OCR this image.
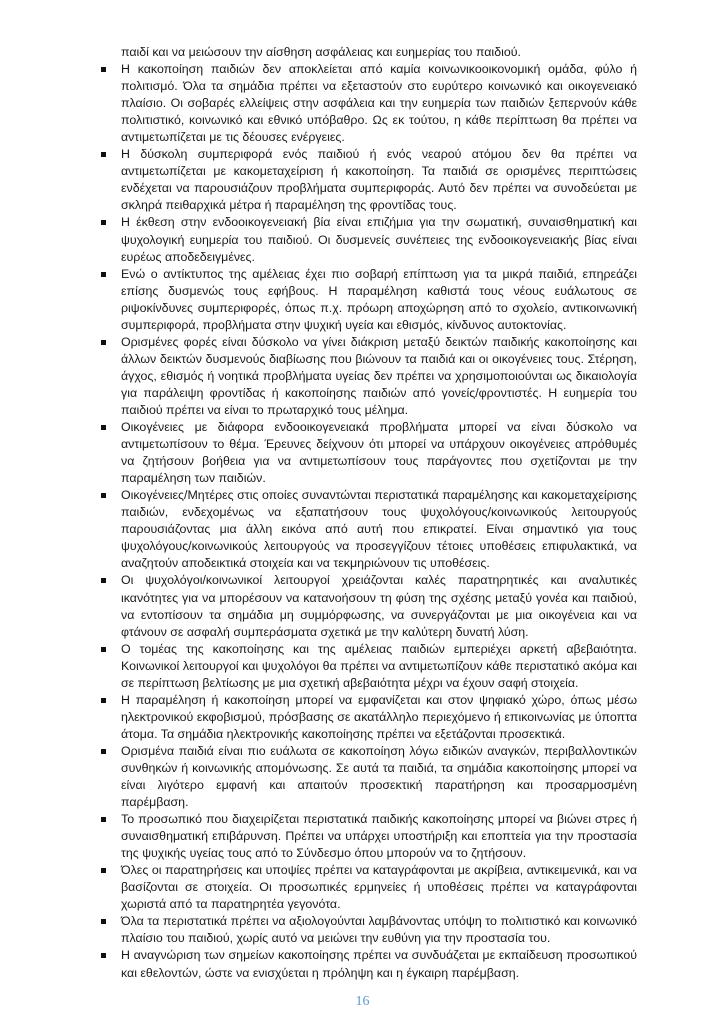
παιδί και να μειώσουν την αίσθηση ασφάλειας και ευημερίας του παιδιού.

Η κακοποίηση παιδιών δεν αποκλείεται από καμία κοινωνικοοικονομική ομάδα, φύλο ή πολιτισμό. Όλα τα σημάδια πρέπει να εξεταστούν στο ευρύτερο κοινωνικό και οικογενειακό πλαίσιο. Οι σοβαρές ελλείψεις στην ασφάλεια και την ευημερία των παιδιών ξεπερνούν κάθε πολιτιστικό, κοινωνικό και εθνικό υπόβαθρο. Ως εκ τούτου, η κάθε περίπτωση θα πρέπει να αντιμετωπίζεται με τις δέουσες ενέργειες.
Η δύσκολη συμπεριφορά ενός παιδιού ή ενός νεαρού ατόμου δεν θα πρέπει να αντιμετωπίζεται με κακομεταχείριση ή κακοποίηση. Τα παιδιά σε ορισμένες περιπτώσεις ενδέχεται να παρουσιάζουν προβλήματα συμπεριφοράς. Αυτό δεν πρέπει να συνοδεύεται με σκληρά πειθαρχικά μέτρα ή παραμέληση της φροντίδας τους.
Η έκθεση στην ενδοοικογενειακή βία είναι επιζήμια για την σωματική, συναισθηματική και ψυχολογική ευημερία του παιδιού. Οι δυσμενείς συνέπειες της ενδοοικογενειακής βίας είναι ευρέως αποδεδειγμένες.
Ενώ ο αντίκτυπος της αμέλειας έχει πιο σοβαρή επίπτωση για τα μικρά παιδιά, επηρεάζει επίσης δυσμενώς τους εφήβους. Η παραμέληση καθιστά τους νέους ευάλωτους σε ριψοκίνδυνες συμπεριφορές, όπως π.χ. πρόωρη αποχώρηση από το σχολείο, αντικοινωνική συμπεριφορά, προβλήματα στην ψυχική υγεία και εθισμός, κίνδυνος αυτοκτονίας.
Ορισμένες φορές είναι δύσκολο να γίνει διάκριση μεταξύ δεικτών παιδικής κακοποίησης και άλλων δεικτών δυσμενούς διαβίωσης που βιώνουν τα παιδιά και οι οικογένειες τους. Στέρηση, άγχος, εθισμός ή νοητικά προβλήματα υγείας δεν πρέπει να χρησιμοποιούνται ως δικαιολογία για παράλειψη φροντίδας ή κακοποίησης παιδιών από γονείς/φροντιστές. Η ευημερία του παιδιού πρέπει να είναι το πρωταρχικό τους μέλημα.
Οικογένειες με διάφορα ενδοοικογενειακά προβλήματα μπορεί να είναι δύσκολο να αντιμετωπίσουν το θέμα. Έρευνες δείχνουν ότι μπορεί να υπάρχουν οικογένειες απρόθυμές να ζητήσουν βοήθεια για να αντιμετωπίσουν τους παράγοντες που σχετίζονται με την παραμέληση των παιδιών.
Οικογένειες/Μητέρες στις οποίες συναντώνται περιστατικά παραμέλησης και κακομεταχείρισης παιδιών, ενδεχομένως να εξαπατήσουν τους ψυχολόγους/κοινωνικούς λειτουργούς παρουσιάζοντας μια άλλη εικόνα από αυτή που επικρατεί. Είναι σημαντικό για τους ψυχολόγους/κοινωνικούς λειτουργούς να προσεγγίζουν τέτοιες υποθέσεις επιφυλακτικά, να αναζητούν αποδεικτικά στοιχεία και να τεκμηριώνουν τις υποθέσεις.
Οι ψυχολόγοι/κοινωνικοί λειτουργοί χρειάζονται καλές παρατηρητικές και αναλυτικές ικανότητες για να μπορέσουν να κατανοήσουν τη φύση της σχέσης μεταξύ γονέα και παιδιού, να εντοπίσουν τα σημάδια μη συμμόρφωσης, να συνεργάζονται με μια οικογένεια και να φτάνουν σε ασφαλή συμπεράσματα σχετικά με την καλύτερη δυνατή λύση.
Ο τομέας της κακοποίησης και της αμέλειας παιδιών εμπεριέχει αρκετή αβεβαιότητα. Κοινωνικοί λειτουργοί και ψυχολόγοι θα πρέπει να αντιμετωπίζουν κάθε περιστατικό ακόμα και σε περίπτωση βελτίωσης με μια σχετική αβεβαιότητα μέχρι να έχουν σαφή στοιχεία.
Η παραμέληση ή κακοποίηση μπορεί να εμφανίζεται και στον ψηφιακό χώρο, όπως μέσω ηλεκτρονικού εκφοβισμού, πρόσβασης σε ακατάλληλο περιεχόμενο ή επικοινωνίας με ύποπτα άτομα. Τα σημάδια ηλεκτρονικής κακοποίησης πρέπει να εξετάζονται προσεκτικά.
Ορισμένα παιδιά είναι πιο ευάλωτα σε κακοποίηση λόγω ειδικών αναγκών, περιβαλλοντικών συνθηκών ή κοινωνικής απομόνωσης. Σε αυτά τα παιδιά, τα σημάδια κακοποίησης μπορεί να είναι λιγότερο εμφανή και απαιτούν προσεκτική παρατήρηση και προσαρμοσμένη παρέμβαση.
Το προσωπικό που διαχειρίζεται περιστατικά παιδικής κακοποίησης μπορεί να βιώνει στρες ή συναισθηματική επιβάρυνση. Πρέπει να υπάρχει υποστήριξη και εποπτεία για την προστασία της ψυχικής υγείας τους από το Σύνδεσμο όπου μπορούν να το ζητήσουν.
Όλες οι παρατηρήσεις και υποψίες πρέπει να καταγράφονται με ακρίβεια, αντικειμενικά, και να βασίζονται σε στοιχεία. Οι προσωπικές ερμηνείες ή υποθέσεις πρέπει να καταγράφονται χωριστά από τα παρατηρητέα γεγονότα.
Όλα τα περιστατικά πρέπει να αξιολογούνται λαμβάνοντας υπόψη το πολιτιστικό και κοινωνικό πλαίσιο του παιδιού, χωρίς αυτό να μειώνει την ευθύνη για την προστασία του.
Η αναγνώριση των σημείων κακοποίησης πρέπει να συνδυάζεται με εκπαίδευση προσωπικού και εθελοντών, ώστε να ενισχύεται η πρόληψη και η έγκαιρη παρέμβαση.
16
